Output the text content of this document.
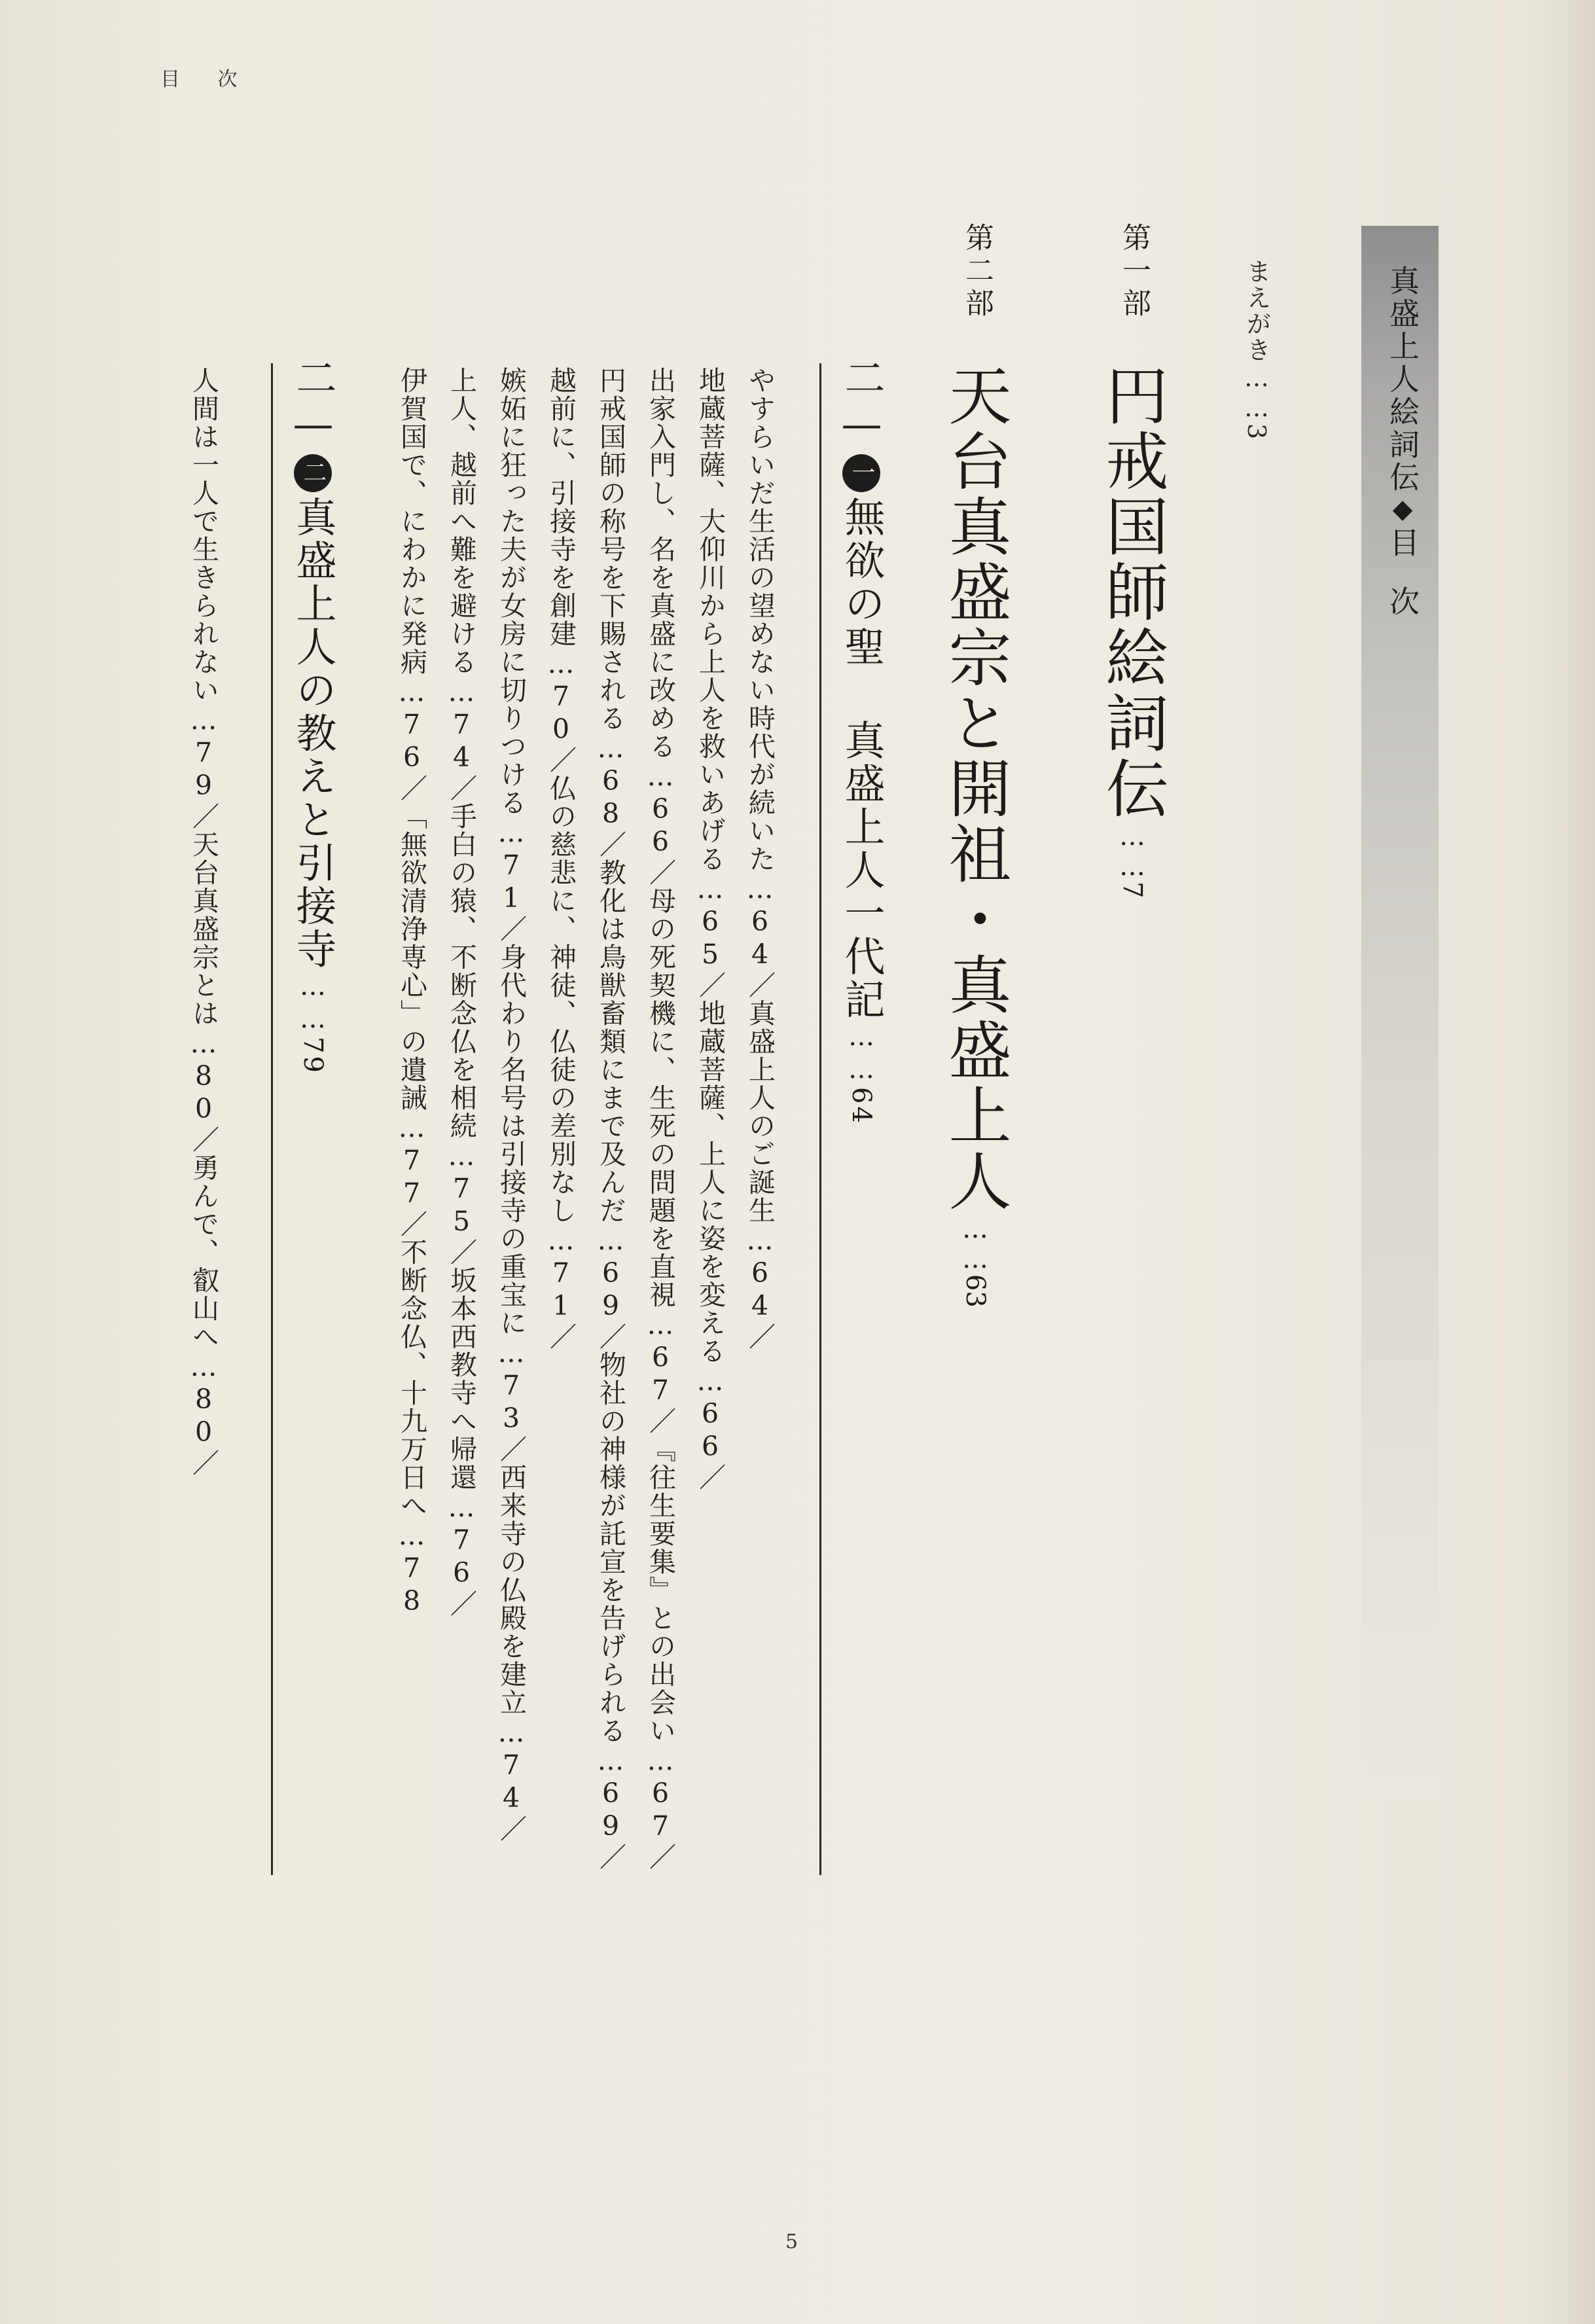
目 次
真盛上人絵詞伝◆目次
まえがき……3
第一部
円戒国師絵詞伝……7
第二部
天台真盛宗と開祖・真盛上人……63
二—一無欲の聖 真盛上人一代記……64
やすらいだ生活の望めない時代が続いた…64／真盛上人のご誕生…64／
地蔵菩薩、大仰川から上人を救いあげる…65／地蔵菩薩、上人に姿を変える…66／
出家入門し、名を真盛に改める…66／母の死契機に、生死の問題を直視…67／『往生要集』との出会い…67／
円戒国師の称号を下賜される…68／教化は鳥獣畜類にまで及んだ…69／物社の神様が託宣を告げられる…69／
越前に、引接寺を創建…70／仏の慈悲に、神徒、仏徒の差別なし…71／
嫉妬に狂った夫が女房に切りつける…71／身代わり名号は引接寺の重宝に…73／西来寺の仏殿を建立…74／
上人、越前へ難を避ける…74／手白の猿、不断念仏を相続…75／坂本西教寺へ帰還…76／
伊賀国で、にわかに発病…76／「無欲清浄専心」の遺誡…77／不断念仏、十九万日へ…78
二—二真盛上人の教えと引接寺……79
人間は一人で生きられない…79／天台真盛宗とは…80／勇んで、叡山へ…80／
5
